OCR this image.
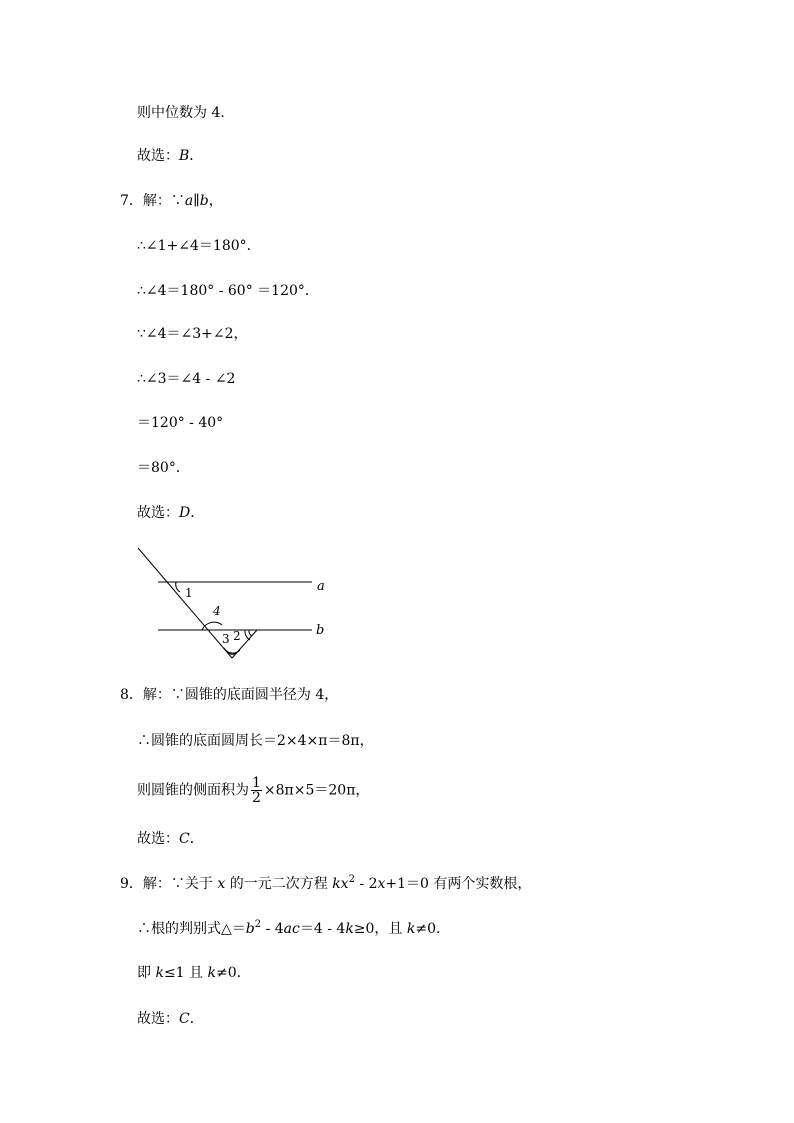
则中位数为 4．
故选：B．
7．解：∵a∥b，
∴∠1+∠4＝180°．
∴∠4＝180° - 60° ＝120°．
∵∠4＝∠3+∠2，
∴∠3＝∠4 - ∠2
＝120° - 40°
＝80°．
故选：D．
a
b
1
4
3 2
8．解：∵圆锥的底面圆半径为 4，
∴圆锥的底面圆周长＝2×4×π＝8π，
则圆锥的侧面积为 $\frac{1}{2} \times 8\pi\times 5=20\pi$，
故选：C．
9．解：∵关于 x 的一元二次方程 $kx^2 - 2x+1=0$ 有两个实数根，
∴根的判别式$\triangle=b^2 - 4ac=4 - 4k\ge 0$，且 k≠0．
即 k≤1 且 k≠0．
故选：C．
